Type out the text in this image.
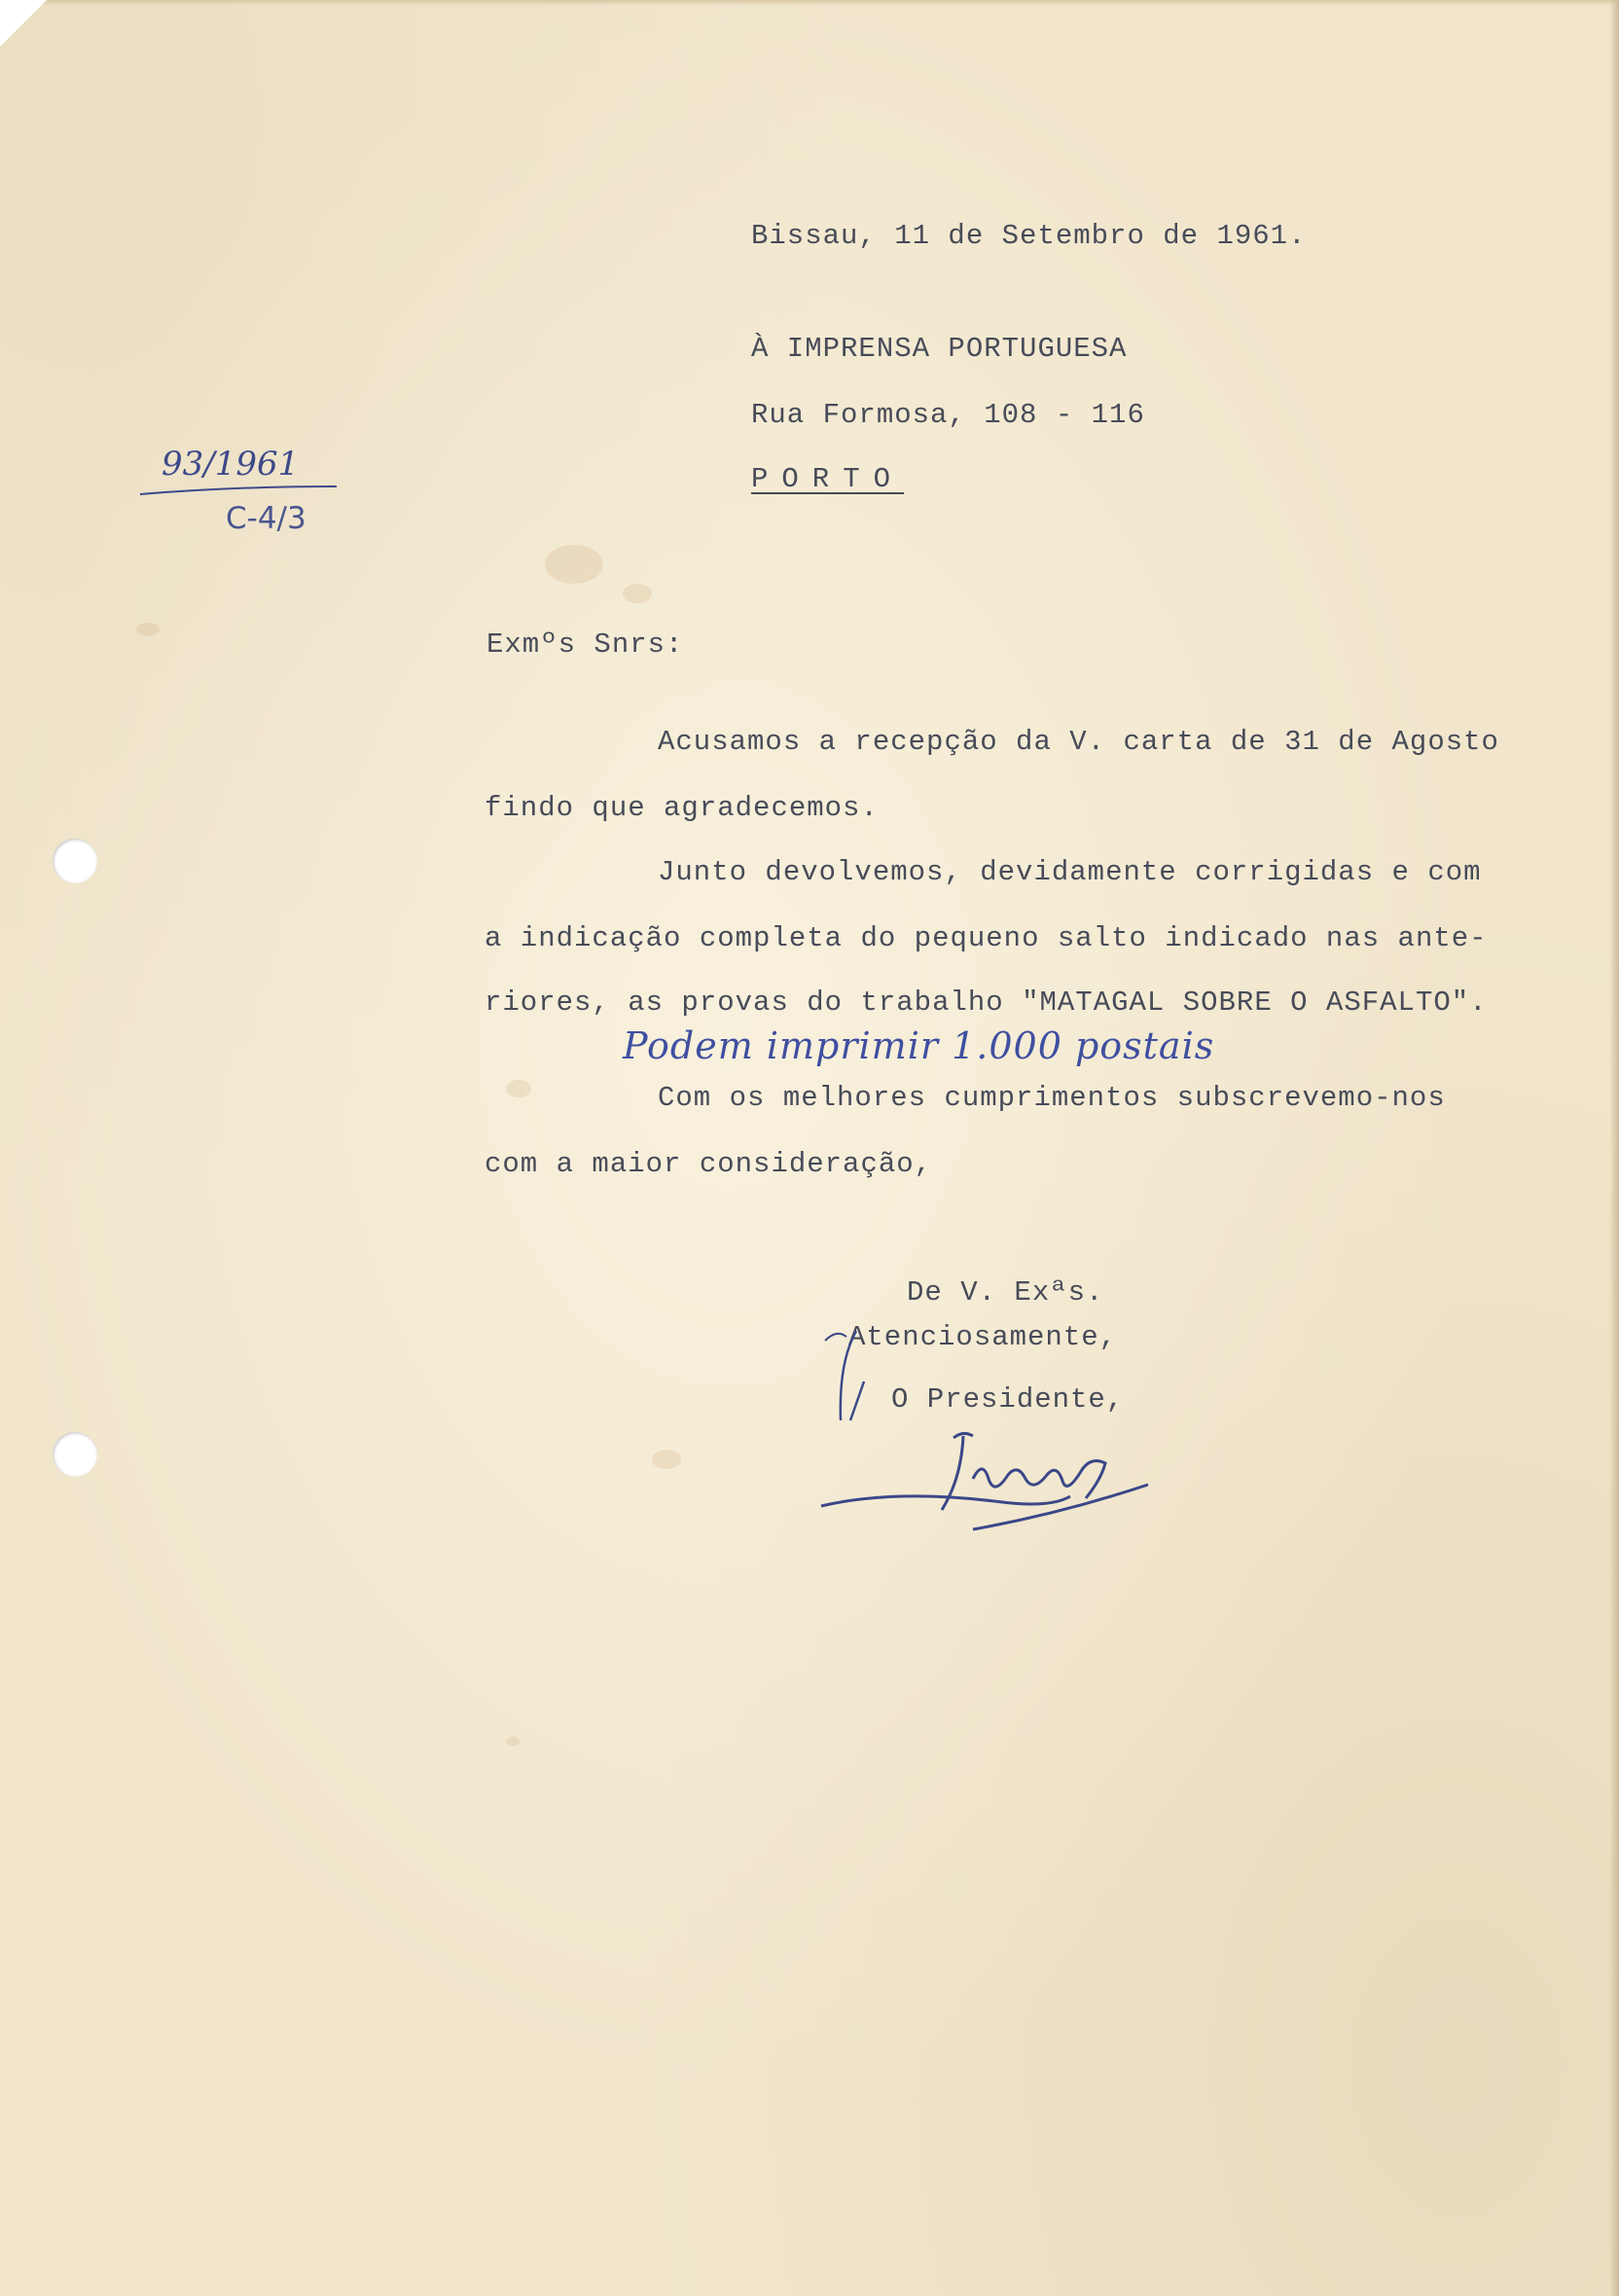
Bissau, 11 de Setembro de 1961.
À IMPRENSA PORTUGUESA
Rua Formosa, 108 - 116
PORTO
93/1961
C-4/3
Exmºs Snrs:
Acusamos a recepção da V. carta de 31 de Agosto
findo que agradecemos.
Junto devolvemos, devidamente corrigidas e com
a indicação completa do pequeno salto indicado nas ante-
riores, as provas do trabalho "MATAGAL SOBRE O ASFALTO".
Podem imprimir 1.000 postais
Com os melhores cumprimentos subscrevemo-nos
com a maior consideração,
De V. Exªs.
Atenciosamente,
O Presidente,
